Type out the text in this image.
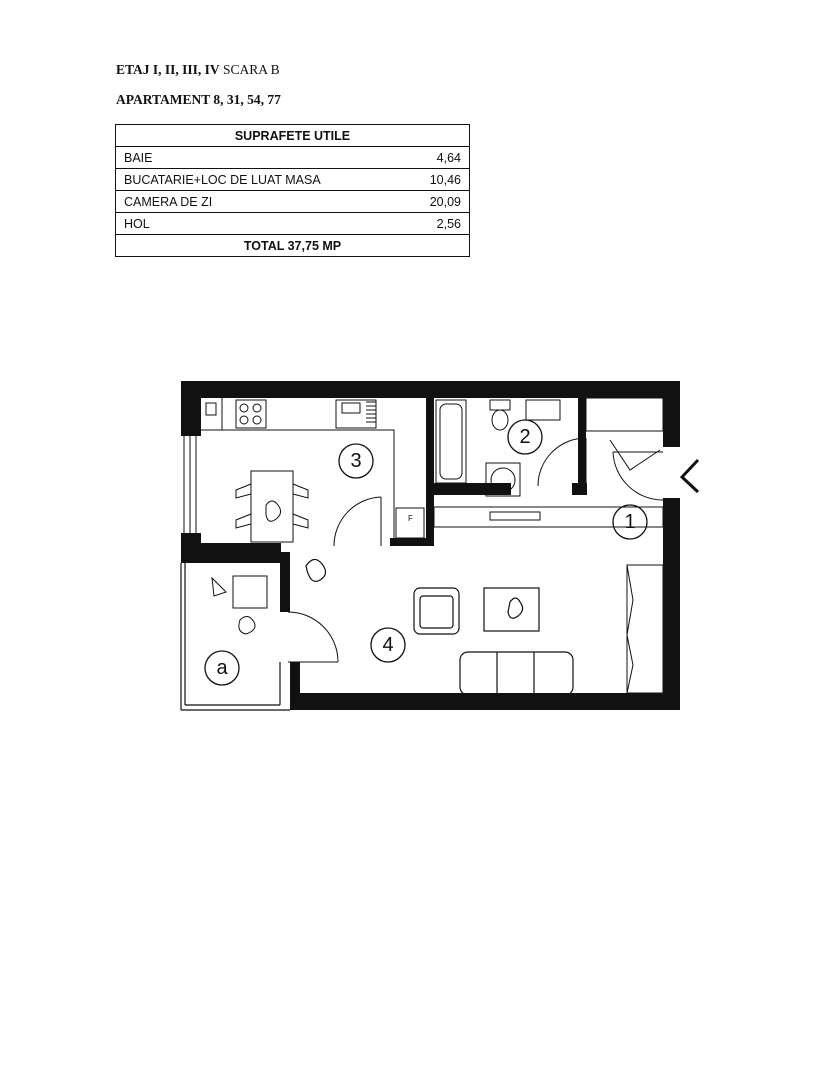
ETAJ I, II, III, IV SCARA B
APARTAMENT 8, 31, 54, 77
SUPRAFETE UTILE	
BAIE	4,64
BUCATARIE+LOC DE LUAT MASA	10,46
CAMERA DE ZI	20,09
HOL	2,56
TOTAL 37,75 MP	
F	1
2
3
4
a
